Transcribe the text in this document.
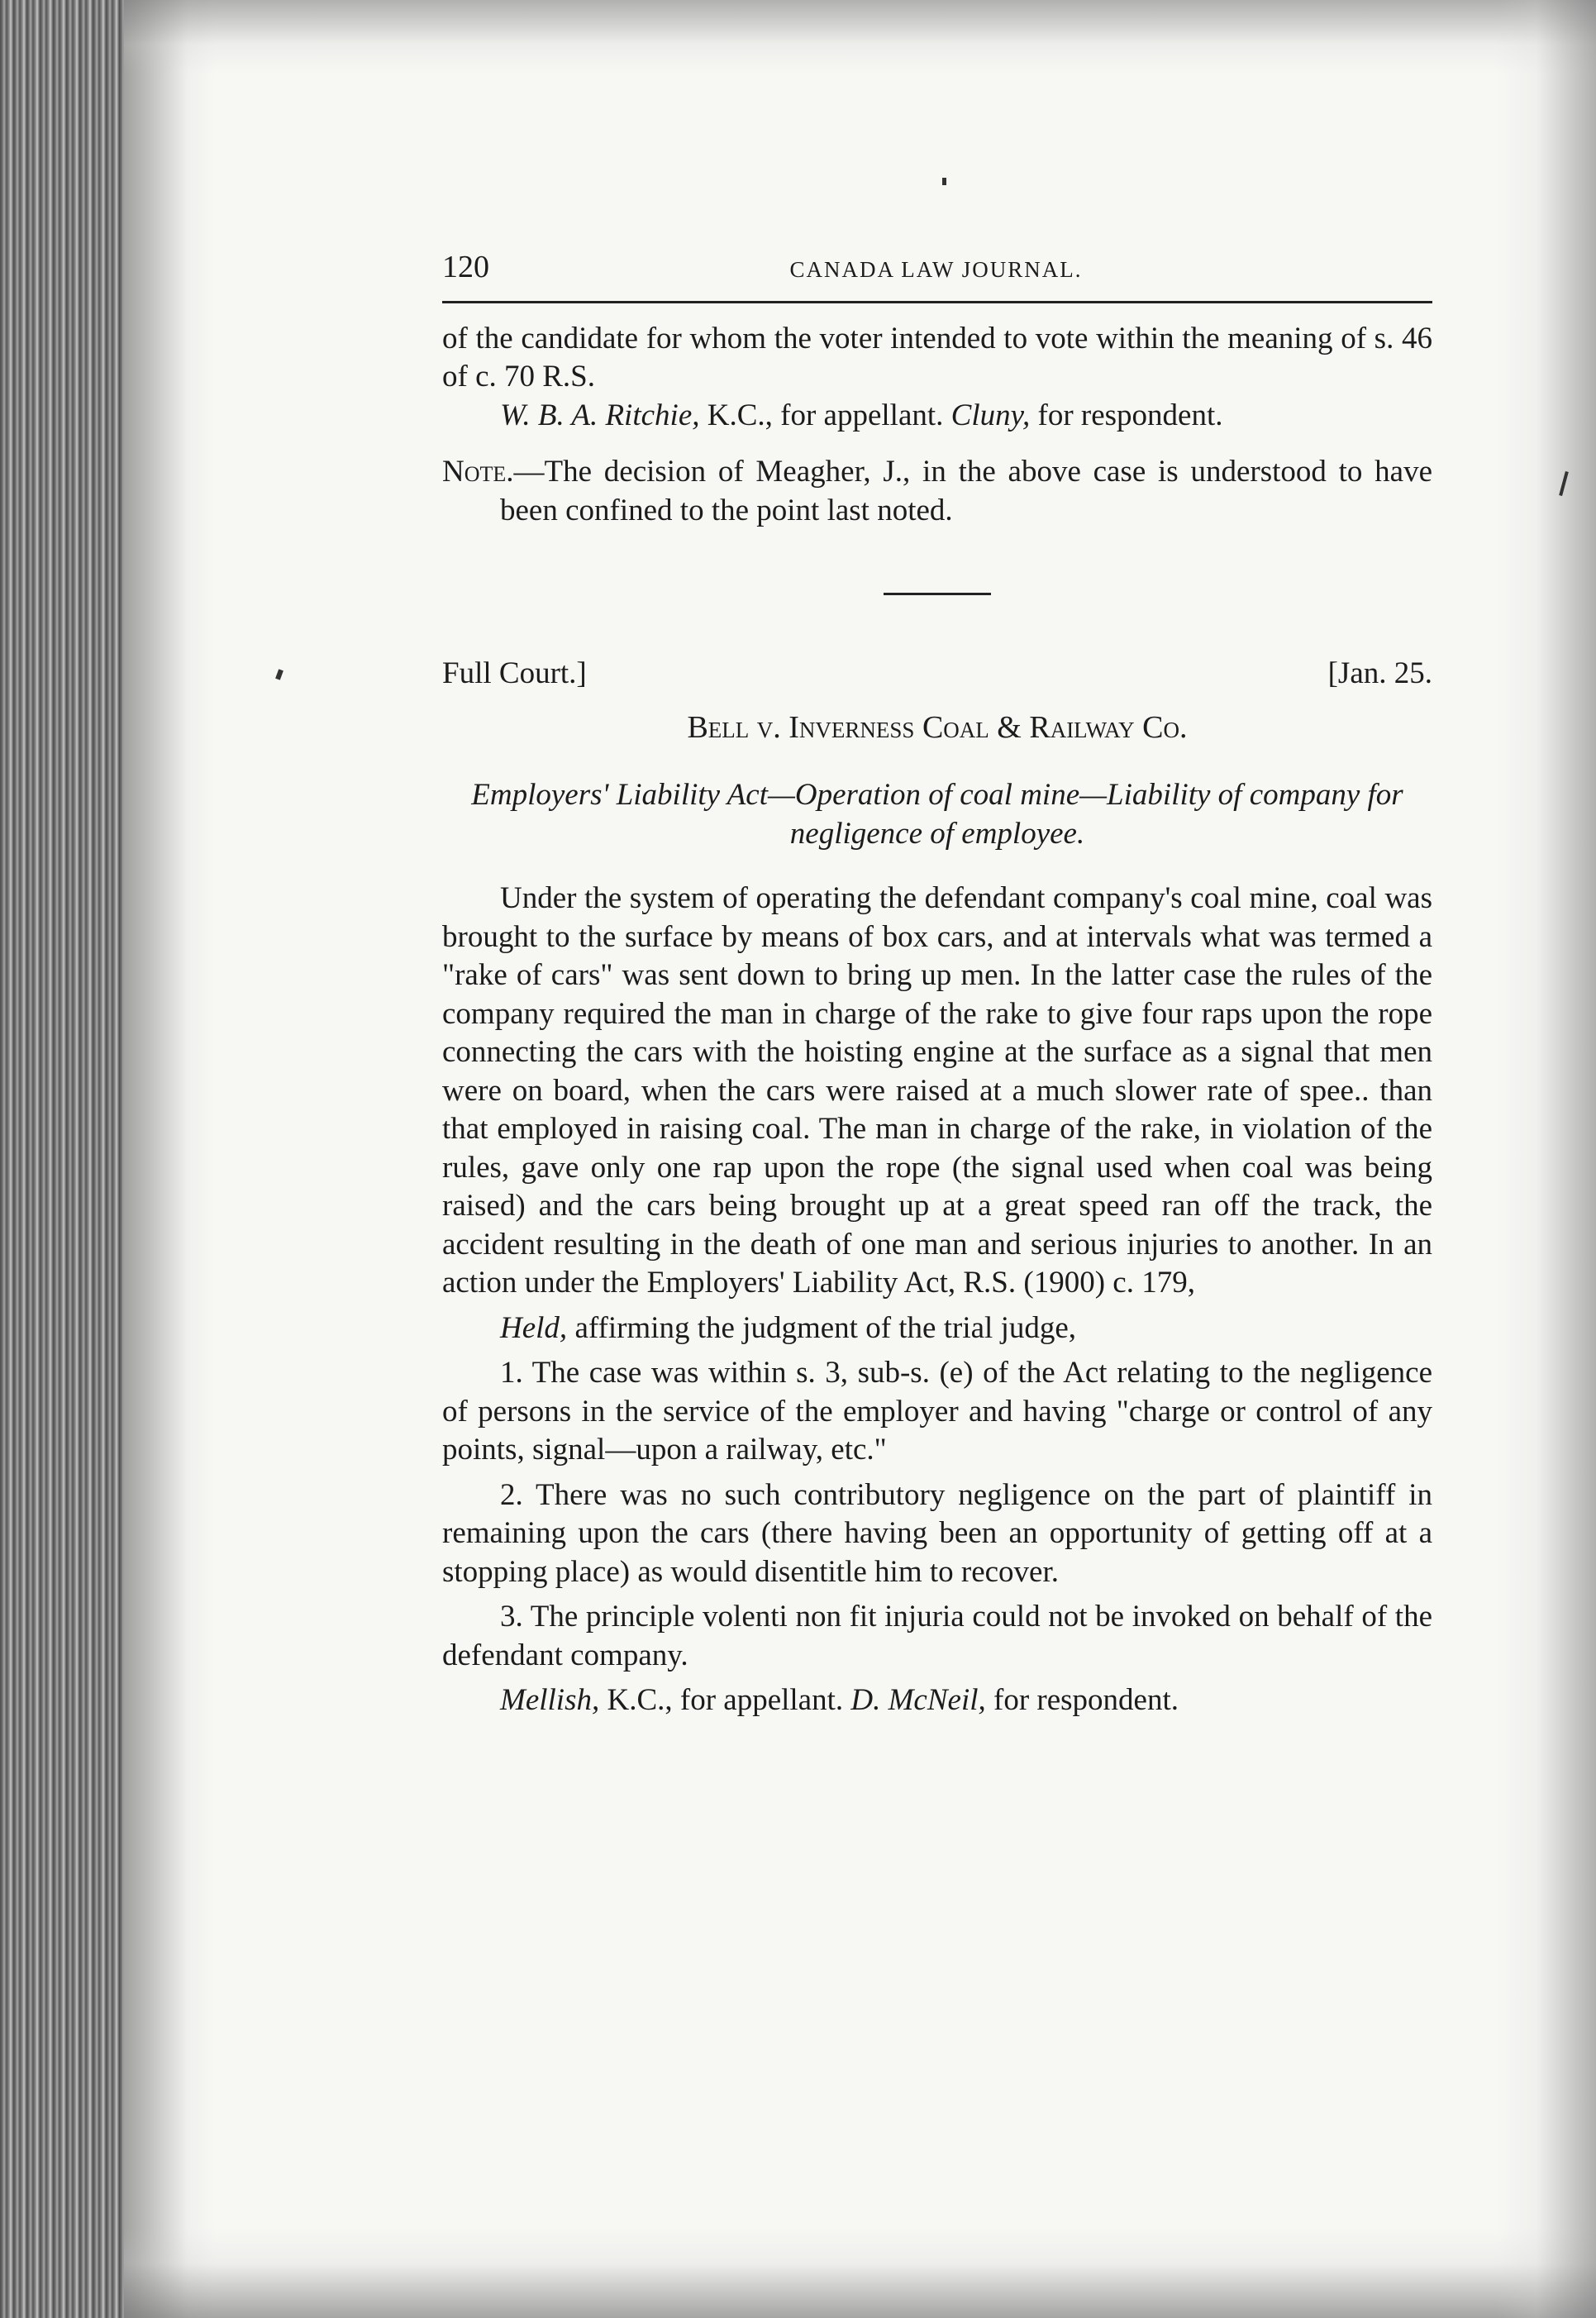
120	CANADA LAW JOURNAL.

of the candidate for whom the voter intended to vote within the meaning of s. 46 of c. 70 R.S.

W. B. A. Ritchie, K.C., for appellant. Cluny, for respondent.

Note.—The decision of Meagher, J., in the above case is understood to have been confined to the point last noted.

Full Court.]	[Jan. 25.
Bell v. Inverness Coal & Railway Co.

Employers' Liability Act—Operation of coal mine—Liability of company for negligence of employee.

Under the system of operating the defendant company's coal mine, coal was brought to the surface by means of box cars, and at intervals what was termed a "rake of cars" was sent down to bring up men. In the latter case the rules of the company required the man in charge of the rake to give four raps upon the rope connecting the cars with the hoisting engine at the surface as a signal that men were on board, when the cars were raised at a much slower rate of spee.. than that employed in raising coal. The man in charge of the rake, in violation of the rules, gave only one rap upon the rope (the signal used when coal was being raised) and the cars being brought up at a great speed ran off the track, the accident resulting in the death of one man and serious injuries to another. In an action under the Employers' Liability Act, R.S. (1900) c. 179,

Held, affirming the judgment of the trial judge,

1. The case was within s. 3, sub-s. (e) of the Act relating to the negligence of persons in the service of the employer and having "charge or control of any points, signal—upon a railway, etc."

2. There was no such contributory negligence on the part of plaintiff in remaining upon the cars (there having been an opportunity of getting off at a stopping place) as would disentitle him to recover.

3. The principle volenti non fit injuria could not be invoked on behalf of the defendant company.

Mellish, K.C., for appellant. D. McNeil, for respondent.
